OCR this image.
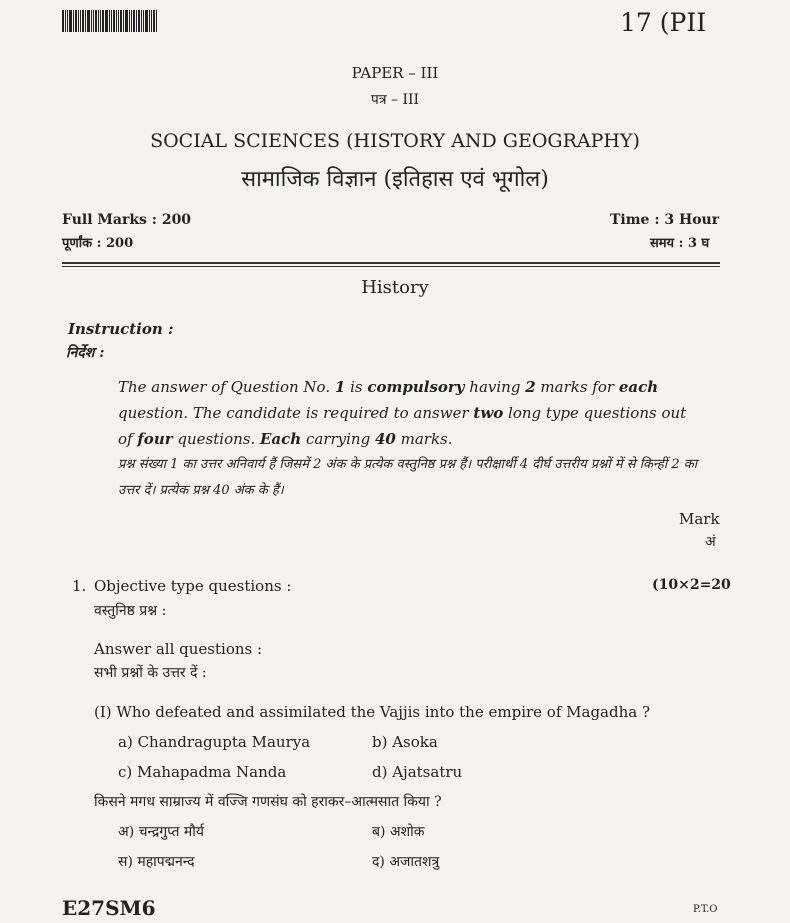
17 (PII
PAPER – III
पत्र – III
SOCIAL SCIENCES (HISTORY AND GEOGRAPHY)
सामाजिक विज्ञान (इतिहास एवं भूगोल)
Full Marks : 200
पूर्णांक : 200
Time : 3 Hour
समय : 3 घ
History
Instruction :
निर्देश :
The answer of Question No. 1 is compulsory having 2 marks for each question. The candidate is required to answer two long type questions out of four questions. Each carrying 40 marks.
प्रश्न संख्या 1 का उत्तर अनिवार्य हैं जिसमें 2 अंक के प्रत्येक वस्तुनिष्ठ प्रश्न हैं। परीक्षार्थी 4 दीर्घ उत्तरीय प्रश्नों में से किन्हीं 2 का उत्तर दें। प्रत्येक प्रश्न 40 अंक के हैं।
Mark
अं
1. Objective type questions :	(10×2=20
वस्तुनिष्ठ प्रश्न :
Answer all questions :
सभी प्रश्नों के उत्तर दें :
(I) Who defeated and assimilated the Vajjis into the empire of Magadha ?
a) Chandragupta Maurya	b) Asoka
c) Mahapadma Nanda	d) Ajatsatru
किसने मगध साम्राज्य में वज्जि गणसंघ को हराकर–आत्मसात किया ?
अ) चन्द्रगुप्त मौर्य	ब) अशोक
स) महापद्मनन्द	द) अजातशत्रु
E27SM6	P.T.O
